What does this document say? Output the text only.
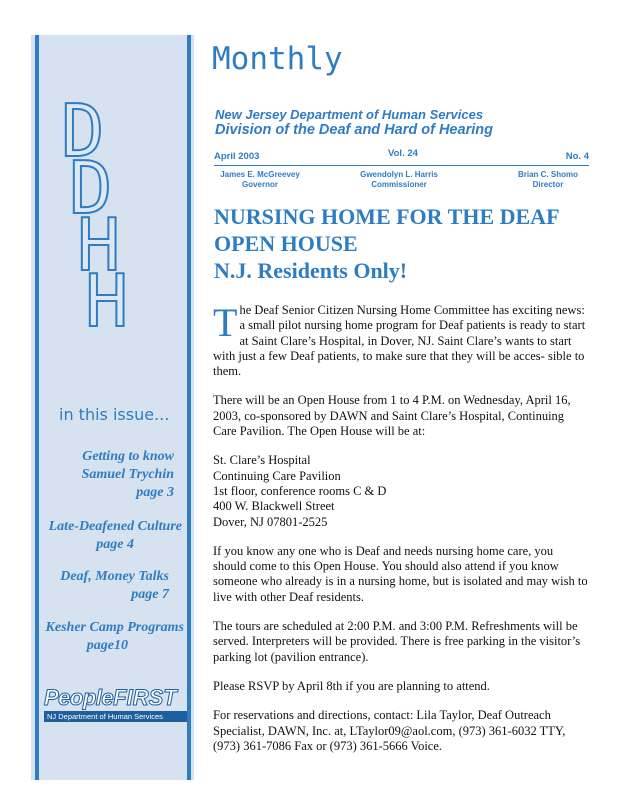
D
D
H
H
in this issue...
Getting to know
Samuel Trychin
page 3
Late-Deafened Culture
page 4
Deaf, Money Talks
page 7
Kesher Camp Programs
page10
PeopleFIRST
NJ Department of Human Services
Monthly
New Jersey Department of Human Services
Division of the Deaf and Hard of Hearing
April 2003	Vol. 24	No. 4
James E. McGreevey
Governor
Gwendolyn L. Harris
Commissioner
Brian C. Shomo
Director
NURSING HOME FOR THE DEAF
OPEN HOUSE
N.J. Residents Only!

The Deaf Senior Citizen Nursing Home Committee has exciting news: a small pilot nursing home program for Deaf patients is ready to start at Saint Clare’s Hospital, in Dover, NJ. Saint Clare’s wants to start with just a few Deaf patients, to make sure that they will be acces- sible to them.

There will be an Open House from 1 to 4 P.M. on Wednesday, April 16, 2003, co-sponsored by DAWN and Saint Clare’s Hospital, Continuing Care Pavilion. The Open House will be at:

St. Clare’s Hospital
Continuing Care Pavilion
1st floor, conference rooms C & D
400 W. Blackwell Street
Dover, NJ 07801-2525

If you know any one who is Deaf and needs nursing home care, you should come to this Open House. You should also attend if you know someone who already is in a nursing home, but is isolated and may wish to live with other Deaf residents.

The tours are scheduled at 2:00 P.M. and 3:00 P.M. Refreshments will be served. Interpreters will be provided. There is free parking in the visitor’s parking lot (pavilion entrance).

Please RSVP by April 8th if you are planning to attend.

For reservations and directions, contact: Lila Taylor, Deaf Outreach Specialist, DAWN, Inc. at, LTaylor09@aol.com, (973) 361-6032 TTY, (973) 361-7086 Fax or (973) 361-5666 Voice.
